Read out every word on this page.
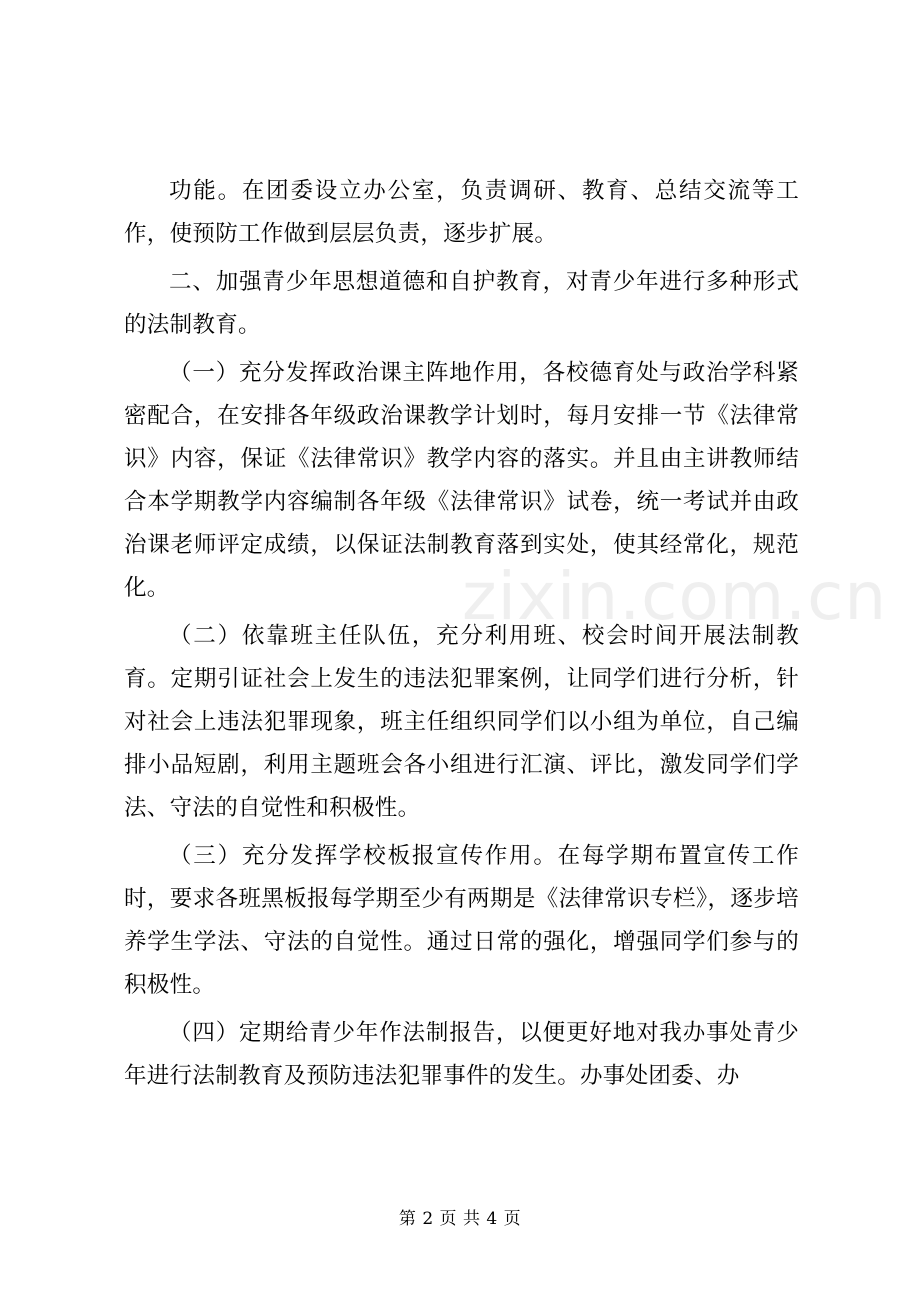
功能。在团委设立办公室，负责调研、教育、总结交流等工作，使预防工作做到层层负责，逐步扩展。

二、加强青少年思想道德和自护教育，对青少年进行多种形式的法制教育。

（一）充分发挥政治课主阵地作用，各校德育处与政治学科紧密配合，在安排各年级政治课教学计划时，每月安排一节《法律常识》内容，保证《法律常识》教学内容的落实。并且由主讲教师结合本学期教学内容编制各年级《法律常识》试卷，统一考试并由政治课老师评定成绩，以保证法制教育落到实处，使其经常化，规范化。

（二）依靠班主任队伍，充分利用班、校会时间开展法制教育。定期引证社会上发生的违法犯罪案例，让同学们进行分析，针对社会上违法犯罪现象，班主任组织同学们以小组为单位，自己编排小品短剧，利用主题班会各小组进行汇演、评比，激发同学们学法、守法的自觉性和积极性。

（三）充分发挥学校板报宣传作用。在每学期布置宣传工作时，要求各班黑板报每学期至少有两期是《法律常识专栏》，逐步培养学生学法、守法的自觉性。通过日常的强化，增强同学们参与的积极性。

（四）定期给青少年作法制报告，以便更好地对我办事处青少年进行法制教育及预防违法犯罪事件的发生。办事处团委、办

zixin.com.cn
第 2 页 共 4 页
